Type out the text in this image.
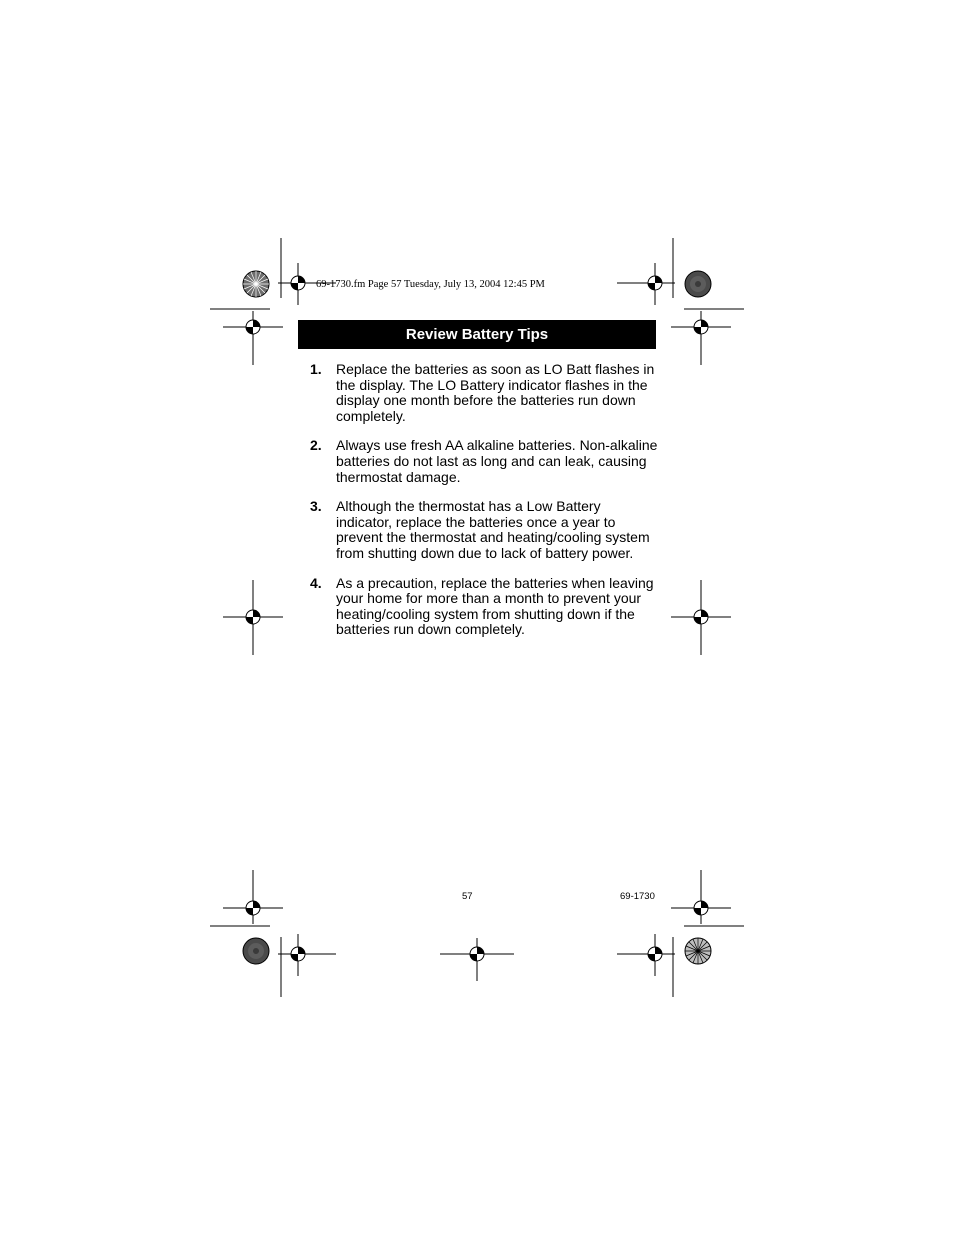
69-1730.fm Page 57 Tuesday, July 13, 2004 12:45 PM
Review Battery Tips
1.	Replace the batteries as soon as LO Batt flashes in the display. The LO Battery indicator flashes in the display one month before the batteries run down completely.
2.	Always use fresh AA alkaline batteries. Non-alkaline batteries do not last as long and can leak, causing thermostat damage.
3.	Although the thermostat has a Low Battery indicator, replace the batteries once a year to prevent the thermostat and heating/cooling system from shutting down due to lack of battery power.
4.	As a precaution, replace the batteries when leaving your home for more than a month to prevent your heating/cooling system from shutting down if the batteries run down completely.
57	69-1730
